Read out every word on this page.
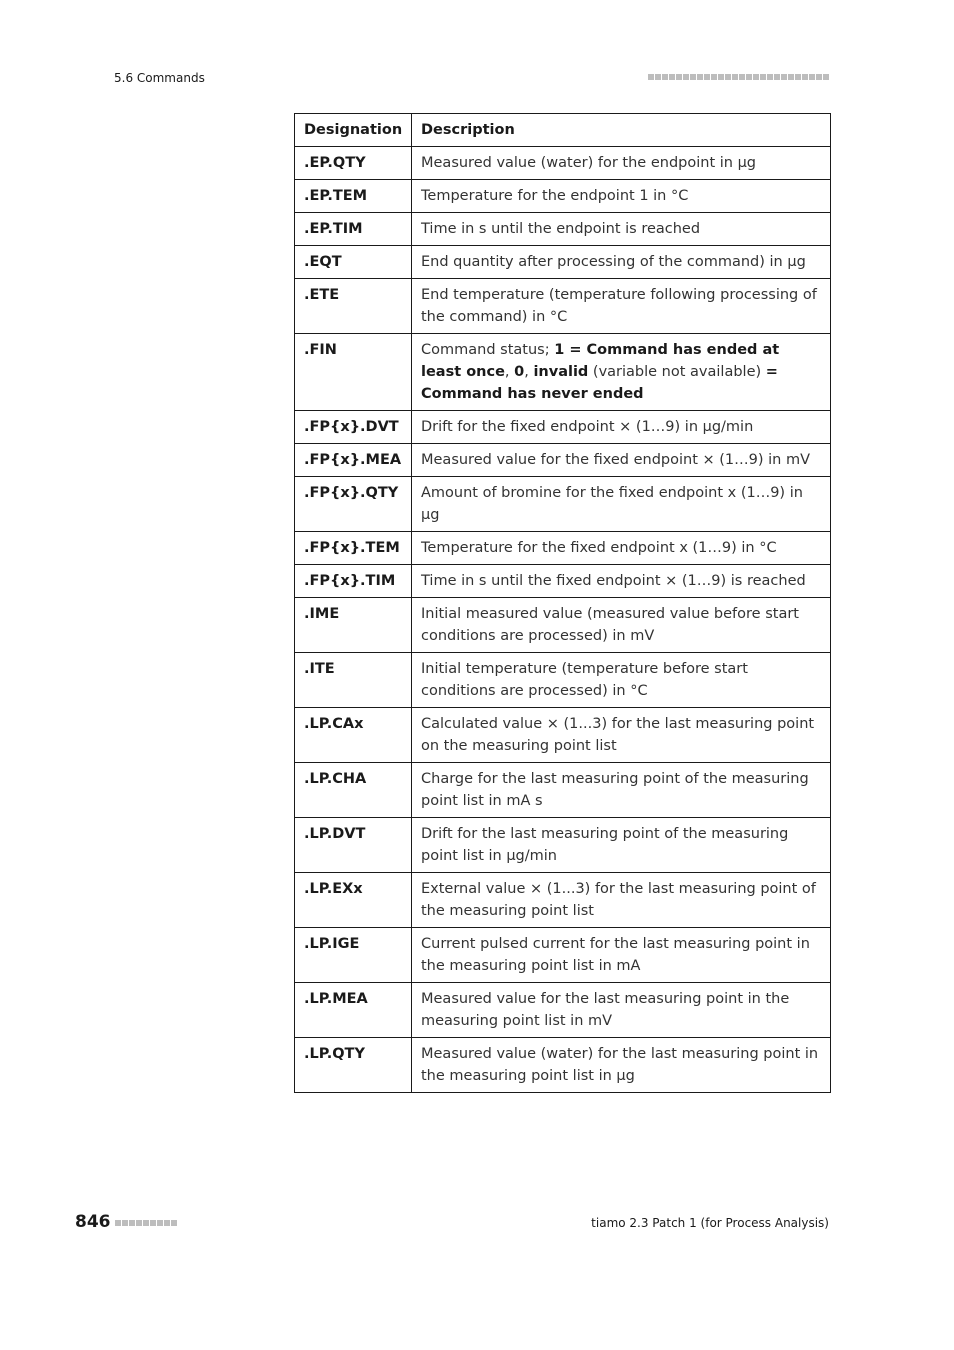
5.6 Commands
Designation	Description
.EP.QTY	Measured value (water) for the endpoint in µg
.EP.TEM	Temperature for the endpoint 1 in °C
.EP.TIM	Time in s until the endpoint is reached
.EQT	End quantity after processing of the command) in µg
.ETE	End temperature (temperature following processing of the command) in °C
.FIN	Command status; 1 = Command has ended at least once, 0, invalid (variable not available) = Command has never ended
.FP{x}.DVT	Drift for the fixed endpoint × (1…9) in µg/min
.FP{x}.MEA	Measured value for the fixed endpoint × (1…9) in mV
.FP{x}.QTY	Amount of bromine for the fixed endpoint x (1…9) in µg
.FP{x}.TEM	Temperature for the fixed endpoint x (1…9) in °C
.FP{x}.TIM	Time in s until the fixed endpoint × (1…9) is reached
.IME	Initial measured value (measured value before start conditions are processed) in mV
.ITE	Initial temperature (temperature before start conditions are processed) in °C
.LP.CAx	Calculated value × (1...3) for the last measuring point on the measuring point list
.LP.CHA	Charge for the last measuring point of the measuring point list in mA s
.LP.DVT	Drift for the last measuring point of the measuring point list in µg/min
.LP.EXx	External value × (1...3) for the last measuring point of the measuring point list
.LP.IGE	Current pulsed current for the last measuring point in the measuring point list in mA
.LP.MEA	Measured value for the last measuring point in the measuring point list in mV
.LP.QTY	Measured value (water) for the last measuring point in the measuring point list in µg
846	tiamo 2.3 Patch 1 (for Process Analysis)
